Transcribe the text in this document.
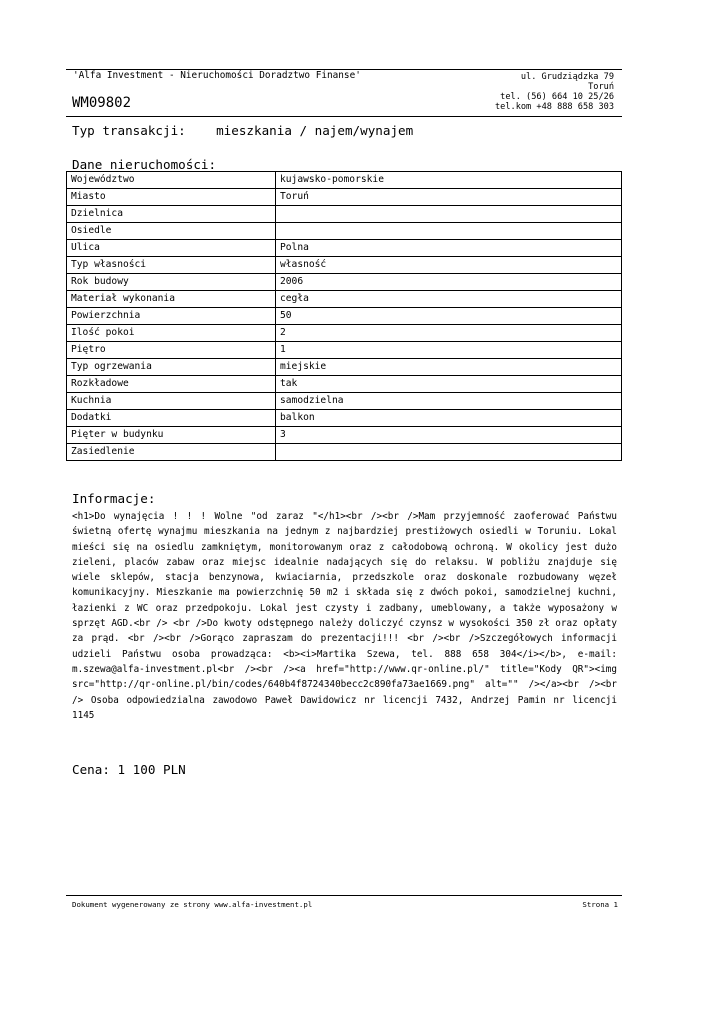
'Alfa Investment - Nieruchomości Doradztwo Finanse'
WM09802
ul. Grudziądzka 79
Toruń
tel. (56) 664 10 25/26
tel.kom +48 888 658 303
Typ transakcji: mieszkania / najem/wynajem
Dane nieruchomości:
Województwo	kujawsko-pomorskie
Miasto	Toruń
Dzielnica	
Osiedle	
Ulica	Polna
Typ własności	własność
Rok budowy	2006
Materiał wykonania	cegła
Powierzchnia	50
Ilość pokoi	2
Piętro	1
Typ ogrzewania	miejskie
Rozkładowe	tak
Kuchnia	samodzielna
Dodatki	balkon
Pięter w budynku	3
Zasiedlenie	
Informacje:
<h1>Do wynajęcia ! ! ! Wolne "od zaraz "</h1><br /><br />Mam przyjemność zaoferować Państwu świetną ofertę wynajmu mieszkania na jednym z najbardziej prestiżowych osiedli w Toruniu. Lokal mieści się na osiedlu zamkniętym, monitorowanym oraz z całodobową ochroną. W okolicy jest dużo zieleni, placów zabaw oraz miejsc idealnie nadających się do relaksu. W pobliżu znajduje się wiele sklepów, stacja benzynowa, kwiaciarnia, przedszkole oraz doskonale rozbudowany węzeł komunikacyjny. Mieszkanie ma powierzchnię 50 m2 i składa się z dwóch pokoi, samodzielnej kuchni, łazienki z WC oraz przedpokoju. Lokal jest czysty i zadbany, umeblowany, a także wyposażony w sprzęt AGD.<br /> <br />Do kwoty odstępnego należy doliczyć czynsz w wysokości 350 zł oraz opłaty za prąd. <br /><br />Gorąco zapraszam do prezentacji!!! <br /><br />Szczegółowych informacji udzieli Państwu osoba prowadząca: <b><i>Martika Szewa, tel. 888 658 304</i></b>, e-mail: m.szewa@alfa-investment.pl<br /><br /><a href="http://www.qr-online.pl/" title="Kody QR"><img src="http://qr-online.pl/bin/codes/640b4f8724340becc2c890fa73ae1669.png" alt="" /></a><br /><br /> Osoba odpowiedzialna zawodowo Paweł Dawidowicz nr licencji 7432, Andrzej Pamin nr licencji 1145
Cena: 1 100 PLN
Dokument wygenerowany ze strony www.alfa-investment.pl	Strona 1
